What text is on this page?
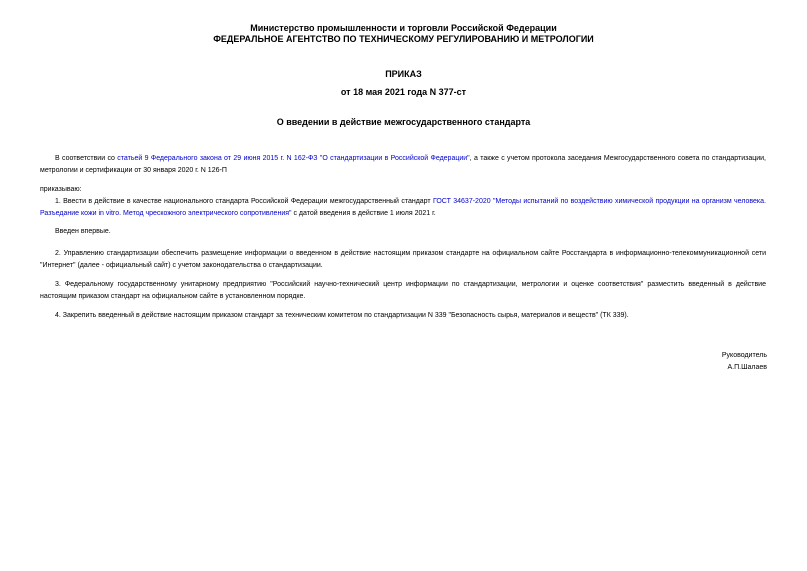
Министерство промышленности и торговли Российской Федерации
ФЕДЕРАЛЬНОЕ АГЕНТСТВО ПО ТЕХНИЧЕСКОМУ РЕГУЛИРОВАНИЮ И МЕТРОЛОГИИ
ПРИКАЗ
от 18 мая 2021 года N 377-ст
О введении в действие межгосударственного стандарта
В соответствии со статьей 9 Федерального закона от 29 июня 2015 г. N 162-ФЗ "О стандартизации в Российской Федерации", а также с учетом протокола заседания Межгосударственного совета по стандартизации, метрологии и сертификации от 30 января 2020 г. N 126-П
приказываю:
1. Ввести в действие в качестве национального стандарта Российской Федерации межгосударственный стандарт ГОСТ 34637-2020 "Методы испытаний по воздействию химической продукции на организм человека. Разъедание кожи in vitro. Метод чрескожного электрического сопротивления" с датой введения в действие 1 июля 2021 г.
Введен впервые.
2. Управлению стандартизации обеспечить размещение информации о введенном в действие настоящим приказом стандарте на официальном сайте Росстандарта в информационно-телекоммуникационной сети "Интернет" (далее - официальный сайт) с учетом законодательства о стандартизации.
3. Федеральному государственному унитарному предприятию "Российский научно-технический центр информации по стандартизации, метрологии и оценке соответствия" разместить введенный в действие настоящим приказом стандарт на официальном сайте в установленном порядке.
4. Закрепить введенный в действие настоящим приказом стандарт за техническим комитетом по стандартизации N 339 "Безопасность сырья, материалов и веществ" (ТК 339).
Руководитель
А.П.Шалаев
